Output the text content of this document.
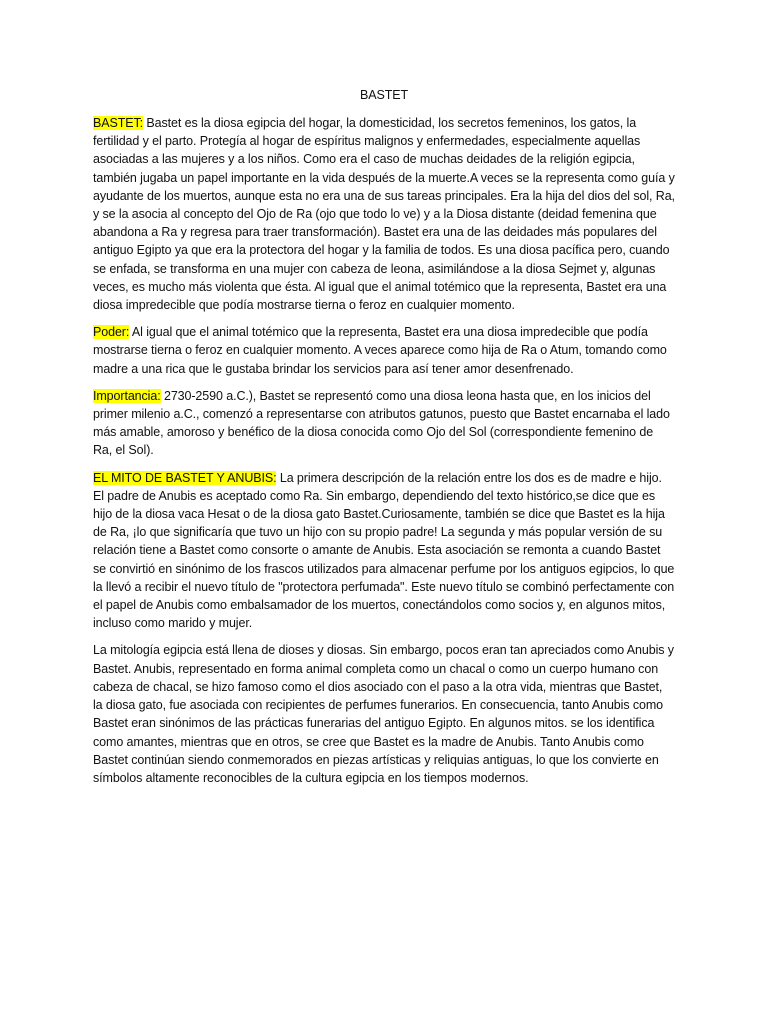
BASTET

BASTET: Bastet es la diosa egipcia del hogar, la domesticidad, los secretos femeninos, los gatos, la fertilidad y el parto. Protegía al hogar de espíritus malignos y enfermedades, especialmente aquellas asociadas a las mujeres y a los niños. Como era el caso de muchas deidades de la religión egipcia, también jugaba un papel importante en la vida después de la muerte.A veces se la representa como guía y ayudante de los muertos, aunque esta no era una de sus tareas principales. Era la hija del dios del sol, Ra, y se la asocia al concepto del Ojo de Ra (ojo que todo lo ve) y a la Diosa distante (deidad femenina que abandona a Ra y regresa para traer transformación). Bastet era una de las deidades más populares del antiguo Egipto ya que era la protectora del hogar y la familia de todos. Es una diosa pacífica pero, cuando se enfada, se transforma en una mujer con cabeza de leona, asimilándose a la diosa Sejmet y, algunas veces, es mucho más violenta que ésta. Al igual que el animal totémico que la representa, Bastet era una diosa impredecible que podía mostrarse tierna o feroz en cualquier momento.

Poder: Al igual que el animal totémico que la representa, Bastet era una diosa impredecible que podía mostrarse tierna o feroz en cualquier momento. A veces aparece como hija de Ra o Atum, tomando como madre a una rica que le gustaba brindar los servicios para así tener amor desenfrenado.

Importancia: 2730-2590 a.C.), Bastet se representó como una diosa leona hasta que, en los inicios del primer milenio a.C., comenzó a representarse con atributos gatunos, puesto que Bastet encarnaba el lado más amable, amoroso y benéfico de la diosa conocida como Ojo del Sol (correspondiente femenino de Ra, el Sol).

EL MITO DE BASTET Y ANUBIS: La primera descripción de la relación entre los dos es de madre e hijo. El padre de Anubis es aceptado como Ra. Sin embargo, dependiendo del texto histórico,se dice que es hijo de la diosa vaca Hesat o de la diosa gato Bastet.Curiosamente, también se dice que Bastet es la hija de Ra, ¡lo que significaría que tuvo un hijo con su propio padre! La segunda y más popular versión de su relación tiene a Bastet como consorte o amante de Anubis. Esta asociación se remonta a cuando Bastet se convirtió en sinónimo de los frascos utilizados para almacenar perfume por los antiguos egipcios, lo que la llevó a recibir el nuevo título de "protectora perfumada". Este nuevo título se combinó perfectamente con el papel de Anubis como embalsamador de los muertos, conectándolos como socios y, en algunos mitos, incluso como marido y mujer.

La mitología egipcia está llena de dioses y diosas. Sin embargo, pocos eran tan apreciados como Anubis y Bastet. Anubis, representado en forma animal completa como un chacal o como un cuerpo humano con cabeza de chacal, se hizo famoso como el dios asociado con el paso a la otra vida, mientras que Bastet, la diosa gato, fue asociada con recipientes de perfumes funerarios. En consecuencia, tanto Anubis como Bastet eran sinónimos de las prácticas funerarias del antiguo Egipto. En algunos mitos. se los identifica como amantes, mientras que en otros, se cree que Bastet es la madre de Anubis. Tanto Anubis como Bastet continúan siendo conmemorados en piezas artísticas y reliquias antiguas, lo que los convierte en símbolos altamente reconocibles de la cultura egipcia en los tiempos modernos.
